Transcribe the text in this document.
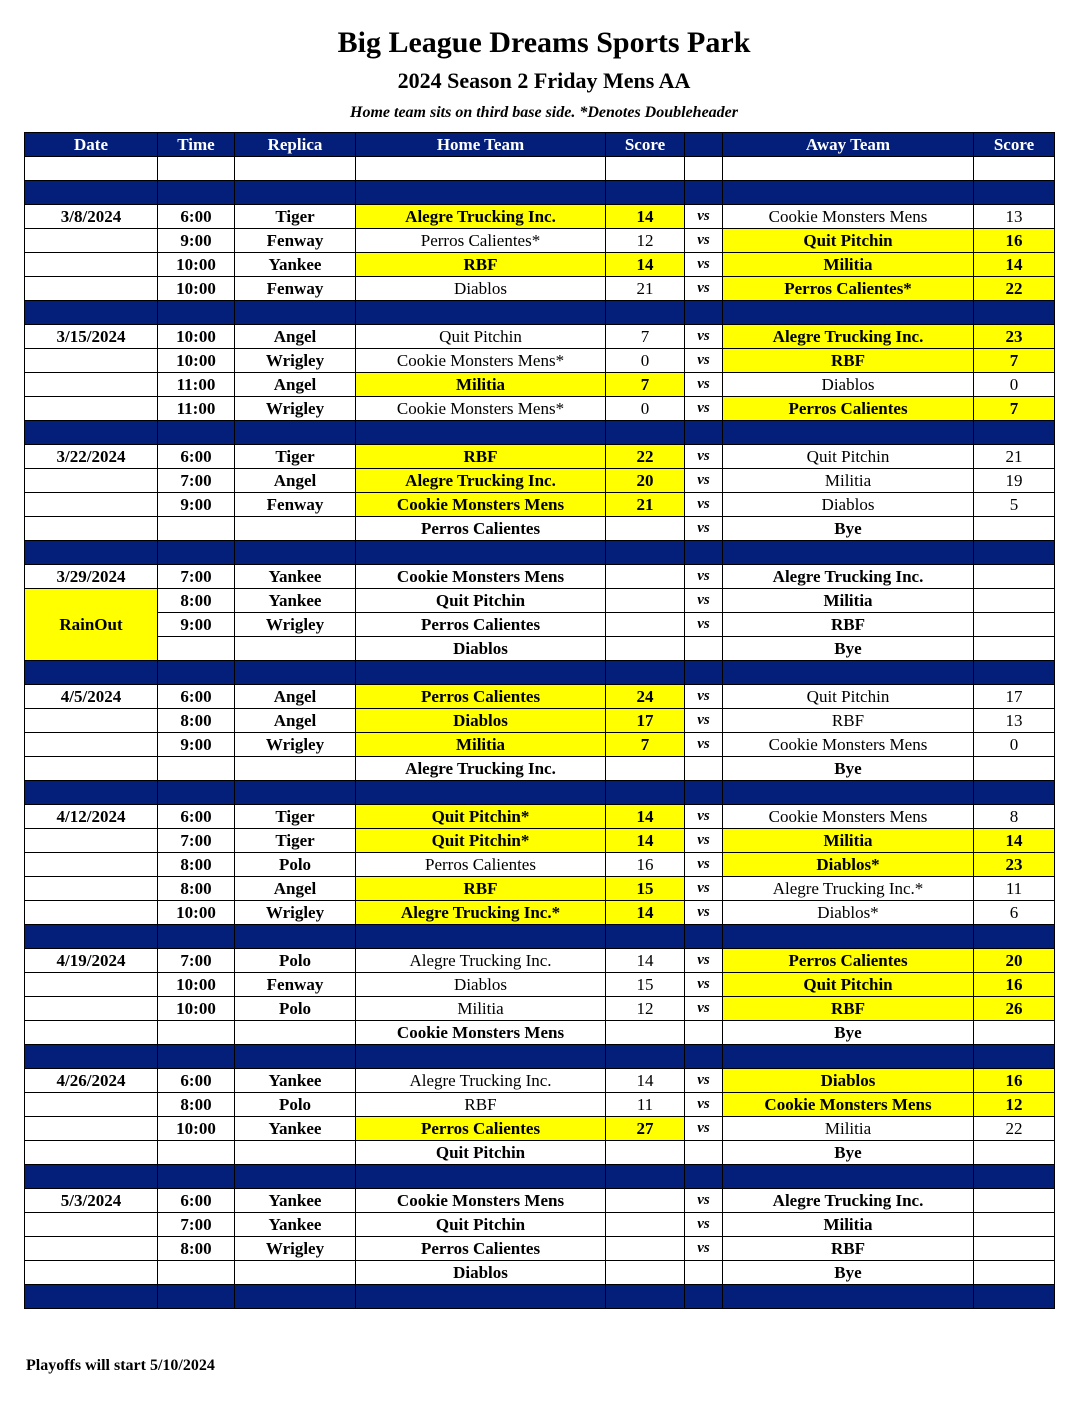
Big League Dreams Sports Park
2024 Season 2 Friday Mens AA
Home team sits on third base side. *Denotes Doubleheader
Date	Time	Replica	Home Team	Score		Away Team	Score

3/8/2024	6:00	Tiger	Alegre Trucking Inc.	14	vs	Cookie Monsters Mens	13
	9:00	Fenway	Perros Calientes*	12	vs	Quit Pitchin	16
	10:00	Yankee	RBF	14	vs	Militia	14
	10:00	Fenway	Diablos	21	vs	Perros Calientes*	22

3/15/2024	10:00	Angel	Quit Pitchin	7	vs	Alegre Trucking Inc.	23
	10:00	Wrigley	Cookie Monsters Mens*	0	vs	RBF	7
	11:00	Angel	Militia	7	vs	Diablos	0
	11:00	Wrigley	Cookie Monsters Mens*	0	vs	Perros Calientes	7

3/22/2024	6:00	Tiger	RBF	22	vs	Quit Pitchin	21
	7:00	Angel	Alegre Trucking Inc.	20	vs	Militia	19
	9:00	Fenway	Cookie Monsters Mens	21	vs	Diablos	5
			Perros Calientes		vs	Bye	

3/29/2024	7:00	Yankee	Cookie Monsters Mens		vs	Alegre Trucking Inc.	
RainOut	8:00	Yankee	Quit Pitchin		vs	Militia	
	9:00	Wrigley	Perros Calientes		vs	RBF	
			Diablos			Bye	

4/5/2024	6:00	Angel	Perros Calientes	24	vs	Quit Pitchin	17
	8:00	Angel	Diablos	17	vs	RBF	13
	9:00	Wrigley	Militia	7	vs	Cookie Monsters Mens	0
			Alegre Trucking Inc.			Bye	

4/12/2024	6:00	Tiger	Quit Pitchin*	14	vs	Cookie Monsters Mens	8
	7:00	Tiger	Quit Pitchin*	14	vs	Militia	14
	8:00	Polo	Perros Calientes	16	vs	Diablos*	23
	8:00	Angel	RBF	15	vs	Alegre Trucking Inc.*	11
	10:00	Wrigley	Alegre Trucking Inc.*	14	vs	Diablos*	6

4/19/2024	7:00	Polo	Alegre Trucking Inc.	14	vs	Perros Calientes	20
	10:00	Fenway	Diablos	15	vs	Quit Pitchin	16
	10:00	Polo	Militia	12	vs	RBF	26
			Cookie Monsters Mens			Bye	

4/26/2024	6:00	Yankee	Alegre Trucking Inc.	14	vs	Diablos	16
	8:00	Polo	RBF	11	vs	Cookie Monsters Mens	12
	10:00	Yankee	Perros Calientes	27	vs	Militia	22
			Quit Pitchin			Bye	

5/3/2024	6:00	Yankee	Cookie Monsters Mens		vs	Alegre Trucking Inc.	
	7:00	Yankee	Quit Pitchin		vs	Militia	
	8:00	Wrigley	Perros Calientes		vs	RBF	
			Diablos			Bye	

Playoffs will start 5/10/2024
